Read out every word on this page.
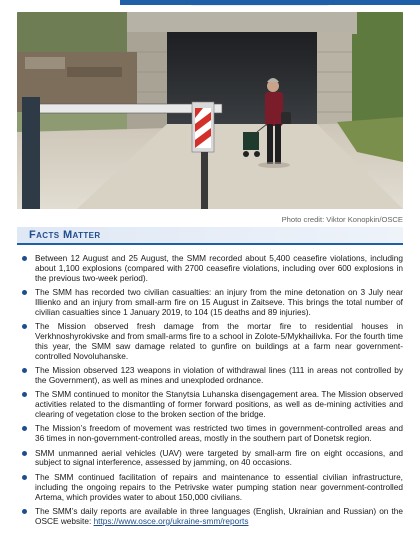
Photo credit: Viktor Konopkin/OSCE
Facts Matter
Between 12 August and 25 August, the SMM recorded about 5,400 ceasefire violations, including about 1,100 explosions (compared with 2700 ceasefire violations, including over 600 explosions in the previous two-week period).
The SMM has recorded two civilian casualties: an injury from the mine detonation on 3 July near Illienko and an injury from small-arm fire on 15 August in Zaitseve. This brings the total number of civilian casualties since 1 January 2019, to 104 (15 deaths and 89 injuries).
The Mission observed fresh damage from the mortar fire to residential houses in Verkhnoshyrokivske and from small-arms fire to a school in Zolote-5/Mykhailivka. For the fourth time this year, the SMM saw damage related to gunfire on buildings at a farm near government-controlled Novoluhanske.
The Mission observed 123 weapons in violation of withdrawal lines (111 in areas not controlled by the Government), as well as mines and unexploded ordnance.
The SMM continued to monitor the Stanytsia Luhanska disengagement area. The Mission observed activities related to the dismantling of former forward positions, as well as de-mining activities and clearing of vegetation close to the broken section of the bridge.
The Mission’s freedom of movement was restricted two times in government-controlled areas and 36 times in non-government-controlled areas, mostly in the southern part of Donetsk region.
SMM unmanned aerial vehicles (UAV) were targeted by small-arm fire on eight occasions, and subject to signal interference, assessed by jamming, on 40 occasions.
The SMM continued facilitation of repairs and maintenance to essential civilian infrastructure, including the ongoing repairs to the Petrivske water pumping station near government-controlled Artema, which provides water to about 150,000 civilians.
The SMM’s daily reports are available in three languages (English, Ukrainian and Russian) on the OSCE website: https://www.osce.org/ukraine-smm/reports
